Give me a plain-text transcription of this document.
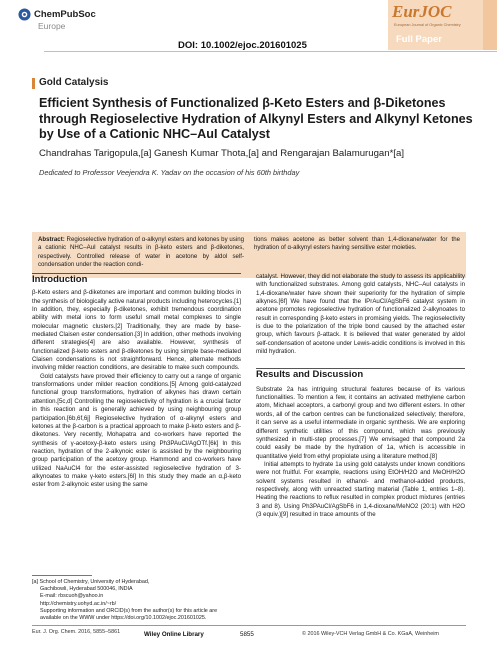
ChemPubSoc
Europe
DOI: 10.1002/ejoc.201601025
EurJOC
European Journal of Organic Chemistry
Full Paper
Gold Catalysis
Efficient Synthesis of Functionalized β-Keto Esters and β-Diketones through Regioselective Hydration of Alkynyl Esters and Alkynyl Ketones by Use of a Cationic NHC–AuI Catalyst
Chandrahas Tarigopula,[a] Ganesh Kumar Thota,[a] and Rengarajan Balamurugan*[a]
Dedicated to Professor Veejendra K. Yadav on the occasion of his 60th birthday
Abstract: Regioselective hydration of α-alkynyl esters and ketones by using a cationic NHC–AuI catalyst results in β-keto esters and β-diketones, respectively. Controlled release of water in acetone by aldol self-condensation under the reaction condi-
tions makes acetone as better solvent than 1,4-dioxane/water for the hydration of α-alkynyl esters having sensitive ester moieties.
Introduction

β-Keto esters and β-diketones are important and common building blocks in the synthesis of biologically active natural products including heterocycles.[1] In addition, they, especially β-diketones, exhibit tremendous coordination ability with metal ions to form useful small metal complexes to single molecular magnetic clusters.[2] Traditionally, they are made by base-mediated Claisen ester condensation.[3] In addition, other methods involving different strategies[4] are also available. However, synthesis of functionalized β-keto esters and β-diketones by using simple base-mediated Claisen condensations is not straightforward. Hence, alternate methods involving milder reaction conditions, are desirable to make such compounds.

Gold catalysts have proved their efficiency to carry out a range of organic transformations under milder reaction conditions.[5] Among gold-catalyzed functional group transformations, hydration of alkynes has drawn certain attention.[5c,d] Controlling the regioselectivity of hydration is a crucial factor in this reaction and is generally achieved by using neighbouring group participation.[6b,6f,6j] Regioselective hydration of α-alkynyl esters and ketones at the β-carbon is a practical approach to make β-keto esters and β-diketones. Very recently, Mohapatra and co-workers have reported the synthesis of γ-acetoxy-β-keto esters using Ph3PAuCl/AgOTf.[6k] In this reaction, hydration of the 2-alkynoic ester is assisted by the neighbouring group participation of the acetoxy group. Hammond and co-workers have utilized NaAuCl4 for the ester-assisted regioselective hydration of 3-alkynoates to make γ-keto esters.[6l] In this study they made an α,β-keto ester from 2-alkynoic ester using the same

catalyst. However, they did not elaborate the study to assess its applicability with functionalized substrates. Among gold catalysts, NHC–AuI catalysts in 1,4-dioxane/water have shown their superiority for the hydration of simple alkynes.[6f] We have found that the IPrAuCl/AgSbF6 catalyst system in acetone promotes regioselective hydration of functionalized 2-alkynoates to result in corresponding β-keto esters in promising yields. The regioselectivity is due to the polarization of the triple bond caused by the attached ester group, which favours β-attack. It is believed that water generated by aldol self-condensation of acetone under Lewis-acidic conditions is involved in this mild hydration.

Results and Discussion

Substrate 2a has intriguing structural features because of its various functionalities. To mention a few, it contains an activated methylene carbon atom, Michael acceptors, a carbonyl group and two different esters. In other words, all of the carbon centres can be functionalized selectively; therefore, it can serve as a useful intermediate in organic synthesis. We are exploring different synthetic utilities of this compound, which was previously synthesized in multi-step processes.[7] We envisaged that compound 2a could easily be made by the hydration of 1a, which is accessible in quantitative yield from ethyl propiolate using a literature method.[8]

Initial attempts to hydrate 1a using gold catalysts under known conditions were not fruitful. For example, reactions using EtOH/H2O and MeOH/H2O solvent systems resulted in ethanol- and methanol-added products, respectively, along with unreacted starting material (Table 1, entries 1–8). Heating the reactions to reflux resulted in complex product mixtures (entries 3 and 8). Using Ph3PAuCl/AgSbF6 in 1,4-dioxane/MeNO2 (20:1) with H2O (3 equiv.)[9] resulted in trace amounts of the

[a] School of Chemistry, University of Hyderabad,
Gachibowli, Hyderabad 500046, INDIA
E-mail: rbscuoh@yahoo.in
http://chemistry.uohyd.ac.in/~rb/
Supporting information and ORCID(s) from the author(s) for this article are
available on the WWW under https://doi.org/10.1002/ejoc.201601025.
Eur. J. Org. Chem. 2016, 5855–5861	Wiley Online Library	5855	© 2016 Wiley-VCH Verlag GmbH & Co. KGaA, Weinheim
